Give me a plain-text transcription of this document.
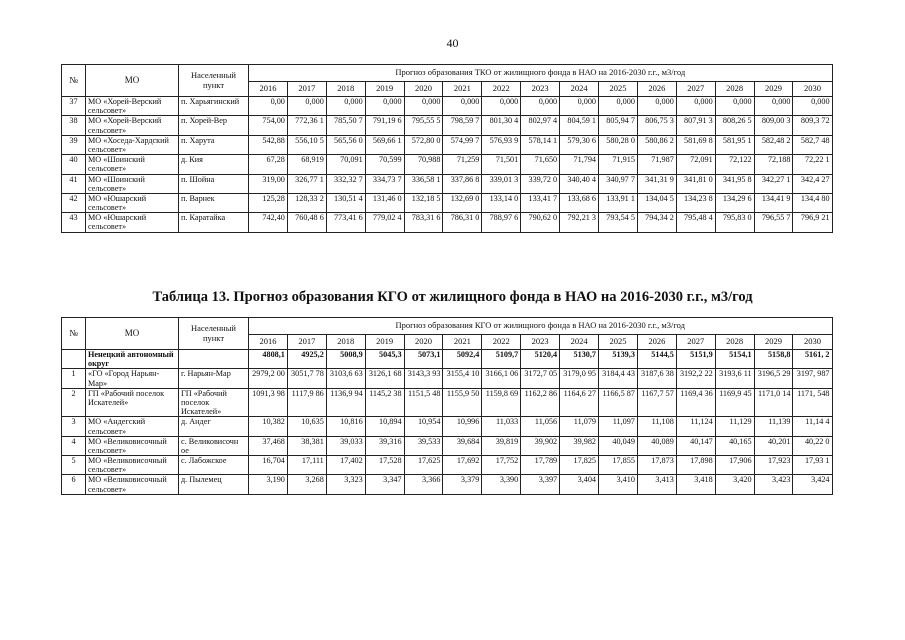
40
№	МО	Населенный пункт	Прогноз образования ТКО от жилищного фонда в НАО на 2016-2030 г.г., м3/год														
			2016	2017	2018	2019	2020	2021	2022	2023	2024	2025	2026	2027	2028	2029	2030
37	МО «Хорей-Верский сельсовет»	п. Харьягинский	0,00	0,000	0,000	0,000	0,000	0,000	0,000	0,000	0,000	0,000	0,000	0,000	0,000	0,000	0,000
38	МО «Хорей-Верский сельсовет»	п. Хорей-Вер	754,00	772,36 1	785,50 7	791,19 6	795,55 5	798,59 7	801,30 4	802,97 4	804,59 1	805,94 7	806,75 3	807,91 3	808,26 5	809,00 3	809,3 72
39	МО «Хоседа-Хардский сельсовет»	п. Харута	542,88	556,10 5	565,56 0	569,66 1	572,80 0	574,99 7	576,93 9	578,14 1	579,30 6	580,28 0	580,86 2	581,69 8	581,95 1	582,48 2	582,7 48
40	МО «Шоинский сельсовет»	д. Кия	67,28	68,919	70,091	70,599	70,988	71,259	71,501	71,650	71,794	71,915	71,987	72,091	72,122	72,188	72,22 1
41	МО «Шоинский сельсовет»	п. Шойна	319,00	326,77 1	332,32 7	334,73 7	336,58 1	337,86 8	339,01 3	339,72 0	340,40 4	340,97 7	341,31 9	341,81 0	341,95 8	342,27 1	342,4 27
42	МО «Юшарский сельсовет»	п. Варнек	125,28	128,33 2	130,51 4	131,46 0	132,18 5	132,69 0	133,14 0	133,41 7	133,68 6	133,91 1	134,04 5	134,23 8	134,29 6	134,41 9	134,4 80
43	МО «Юшарский сельсовет»	п. Каратайка	742,40	760,48 6	773,41 6	779,02 4	783,31 6	786,31 0	788,97 6	790,62 0	792,21 3	793,54 5	794,34 2	795,48 4	795,83 0	796,55 7	796,9 21
Таблица 13. Прогноз образования КГО от жилищного фонда в НАО на 2016-2030 г.г., м3/год
№	МО	Населенный пункт	Прогноз образования КГО от жилищного фонда в НАО на 2016-2030 г.г., м3/год														
			2016	2017	2018	2019	2020	2021	2022	2023	2024	2025	2026	2027	2028	2029	2030
	Ненецкий автономный округ		4808,1	4925,2	5008,9	5045,3	5073,1	5092,4	5109,7	5120,4	5130,7	5139,3	5144,5	5151,9	5154,1	5158,8	5161, 2
1	«ГО «Город Нарьян-Мар»	г. Нарьян-Мар	2979,2 00	3051,7 78	3103,6 63	3126,1 68	3143,3 93	3155,4 10	3166,1 06	3172,7 05	3179,0 95	3184,4 43	3187,6 38	3192,2 22	3193,6 11	3196,5 29	3197, 987
2	ГП «Рабочий поселок Искателей»	ГП «Рабочий поселок Искателей»	1091,3 98	1117,9 86	1136,9 94	1145,2 38	1151,5 48	1155,9 50	1159,8 69	1162,2 86	1164,6 27	1166,5 87	1167,7 57	1169,4 36	1169,9 45	1171,0 14	1171, 548
3	МО «Андегский сельсовет»	д. Андег	10,382	10,635	10,816	10,894	10,954	10,996	11,033	11,056	11,079	11,097	11,108	11,124	11,129	11,139	11,14 4
4	МО «Великовисочный сельсовет»	с. Великовисочн ое	37,468	38,381	39,033	39,316	39,533	39,684	39,819	39,902	39,982	40,049	40,089	40,147	40,165	40,201	40,22 0
5	МО «Великовисочный сельсовет»	с. Лабожское	16,704	17,111	17,402	17,528	17,625	17,692	17,752	17,789	17,825	17,855	17,873	17,898	17,906	17,923	17,93 1
6	МО «Великовисочный сельсовет»	д. Пылемец	3,190	3,268	3,323	3,347	3,366	3,379	3,390	3,397	3,404	3,410	3,413	3,418	3,420	3,423	3,424
